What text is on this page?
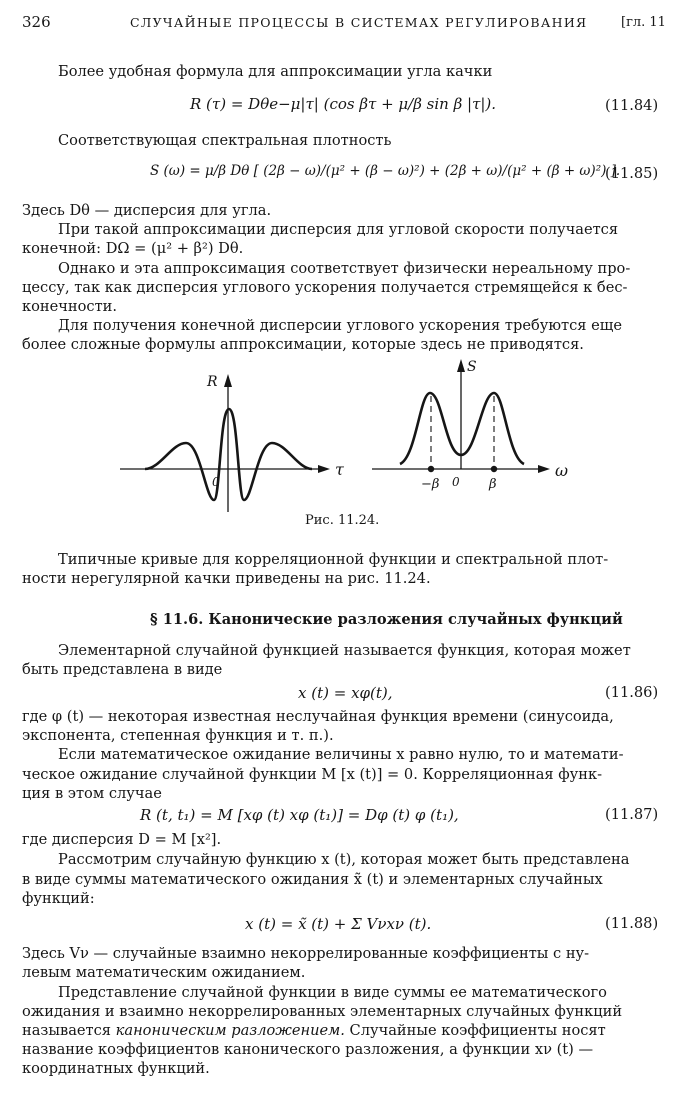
326	СЛУЧАЙНЫЕ ПРОЦЕССЫ В СИСТЕМАХ РЕГУЛИРОВАНИЯ	[гл. 11
Более удобная формула для аппроксимации угла качки
R (τ) = Dθe−μ|τ| (cos βτ + μ/β sin β |τ|).	(11.84)
Соответствующая спектральная плотность
S (ω) = μ/β Dθ [ (2β − ω)/(μ² + (β − ω)²) + (2β + ω)/(μ² + (β + ω)²) ].
(11.85)
Здесь Dθ — дисперсия для угла.
При такой аппроксимации дисперсия для угловой скорости получается
конечной: DΩ = (μ² + β²) Dθ.
Однако и эта аппроксимация соответствует физически нереальному про-
цессу, так как дисперсия углового ускорения получается стремящейся к бес-
конечности.
Для получения конечной дисперсии углового ускорения требуются еще
более сложные формулы аппроксимации, которые здесь не приводятся.
R
τ
0
S
ω
0
−β	β
Рис. 11.24.
Типичные кривые для корреляционной функции и спектральной плот-
ности нерегулярной качки приведены на рис. 11.24.
§ 11.6. Канонические разложения случайных функций
Элементарной случайной функцией называется функция, которая может
быть представлена в виде
x (t) = xφ(t),	(11.86)
где φ (t) — некоторая известная неслучайная функция времени (синусоида,
экспонента, степенная функция и т. п.).
Если математическое ожидание величины x равно нулю, то и математи-
ческое ожидание случайной функции M [x (t)] = 0. Корреляционная функ-
ция в этом случае
R (t, t₁) = M [xφ (t) xφ (t₁)] = Dφ (t) φ (t₁),	(11.87)
где дисперсия D = M [x²].
Рассмотрим случайную функцию x (t), которая может быть представлена
в виде суммы математического ожидания x̃ (t) и элементарных случайных
функций:
x (t) = x̃ (t) + Σ Vνxν (t).	(11.88)
Здесь Vν — случайные взаимно некоррелированные коэффициенты с ну-
левым математическим ожиданием.
Представление случайной функции в виде суммы ее математического
ожидания и взаимно некоррелированных элементарных случайных функций
называется каноническим разложением. Случайные коэффициенты носят
название коэффициентов канонического разложения, а функции xν (t) —
координатных функций.
